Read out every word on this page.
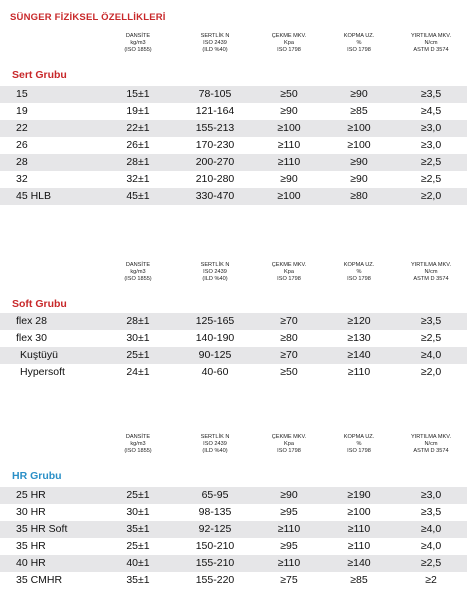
SÜNGER FİZİKSEL ÖZELLİKLERİ
DANSİTE
kg/m3
(ISO 1855)
SERTLİK N
ISO 2439
(ILD %40)
ÇEKME MKV.
Kpa
ISO 1798
KOPMA UZ.
%
ISO 1798
YIRTILMA MKV.
N/cm
ASTM D 3574
Sert Grubu
15	15±1	78-105	≥50	≥90	≥3,5
19	19±1	121-164	≥90	≥85	≥4,5
22	22±1	155-213	≥100	≥100	≥3,0
26	26±1	170-230	≥110	≥100	≥3,0
28	28±1	200-270	≥110	≥90	≥2,5
32	32±1	210-280	≥90	≥90	≥2,5
45 HLB	45±1	330-470	≥100	≥80	≥2,0
DANSİTE
kg/m3
(ISO 1855)
SERTLİK N
ISO 2439
(ILD %40)
ÇEKME MKV.
Kpa
ISO 1798
KOPMA UZ.
%
ISO 1798
YIRTILMA MKV.
N/cm
ASTM D 3574
Soft Grubu
flex 28	28±1	125-165	≥70	≥120	≥3,5
flex 30	30±1	140-190	≥80	≥130	≥2,5
Kuştüyü	25±1	90-125	≥70	≥140	≥4,0
Hypersoft	24±1	40-60	≥50	≥110	≥2,0
DANSİTE
kg/m3
(ISO 1855)
SERTLİK N
ISO 2439
(ILD %40)
ÇEKME MKV.
Kpa
ISO 1798
KOPMA UZ.
%
ISO 1798
YIRTILMA MKV.
N/cm
ASTM D 3574
HR Grubu
25 HR	25±1	65-95	≥90	≥190	≥3,0
30 HR	30±1	98-135	≥95	≥100	≥3,5
35 HR Soft	35±1	92-125	≥110	≥110	≥4,0
35 HR	25±1	150-210	≥95	≥110	≥4,0
40 HR	40±1	155-210	≥110	≥140	≥2,5
35 CMHR	35±1	155-220	≥75	≥85	≥2
